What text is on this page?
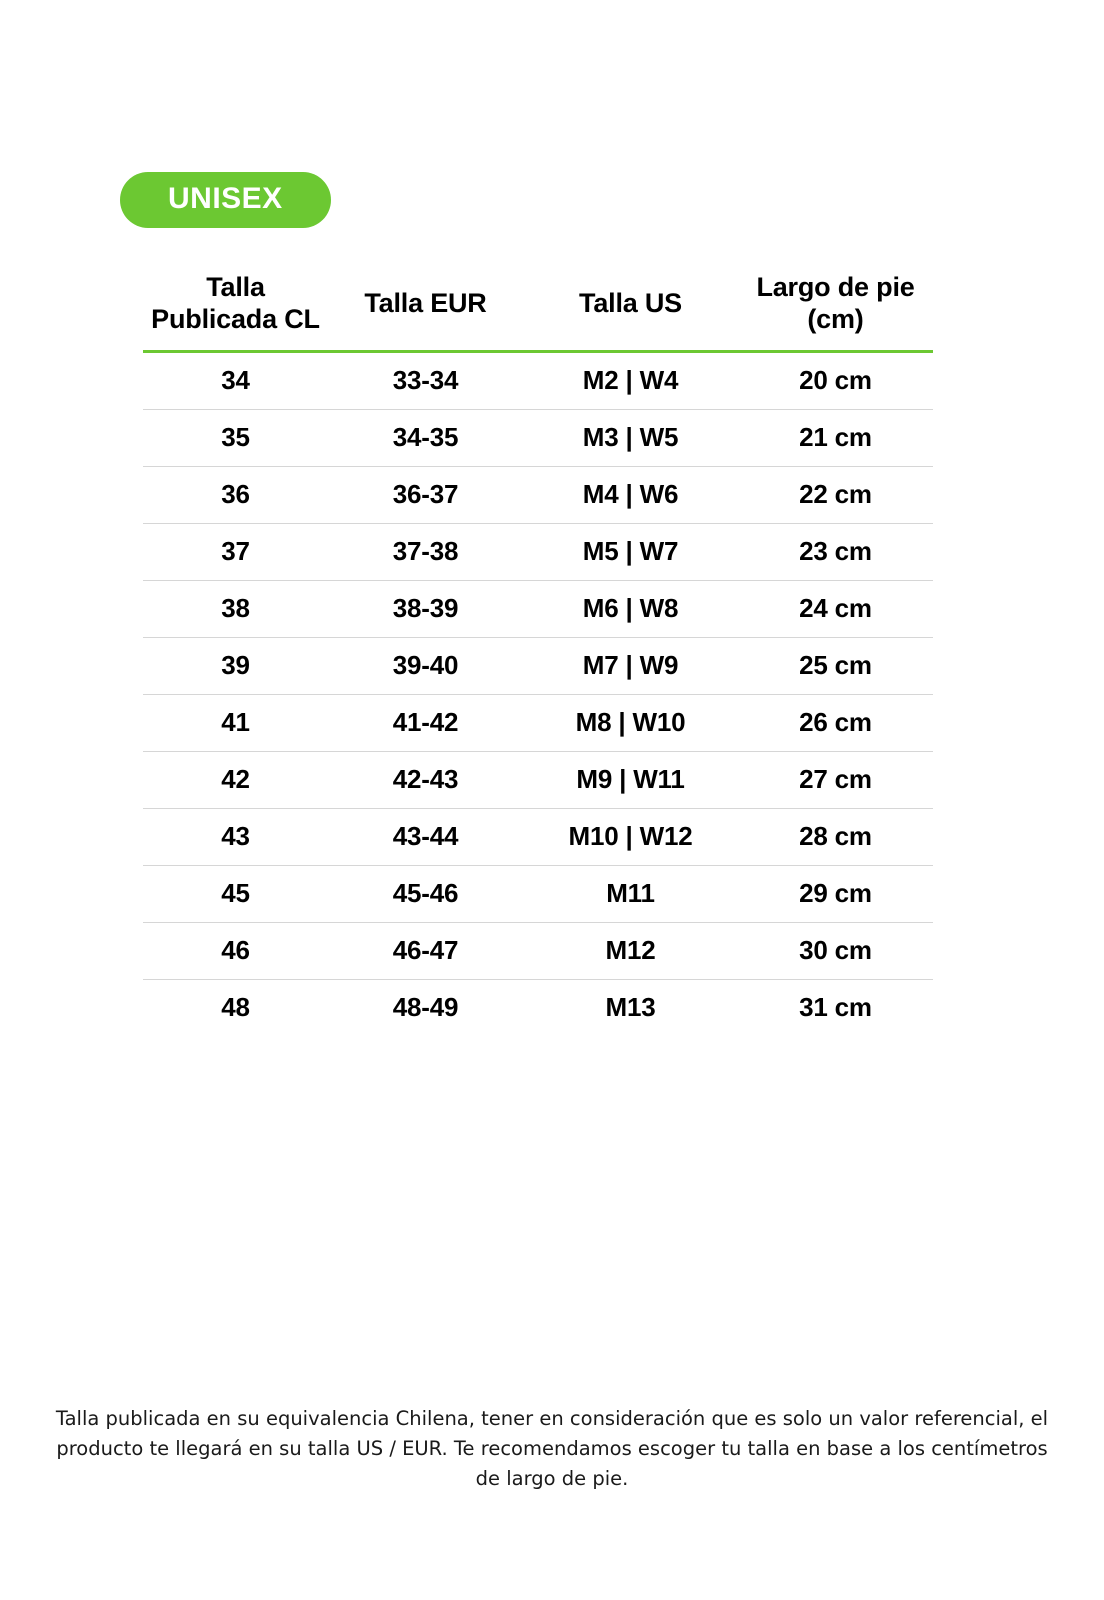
UNISEX
Talla Publicada CL	Talla EUR	Talla US	Largo de pie (cm)
34	33-34	M2 | W4	20 cm
35	34-35	M3 | W5	21 cm
36	36-37	M4 | W6	22 cm
37	37-38	M5 | W7	23 cm
38	38-39	M6 | W8	24 cm
39	39-40	M7 | W9	25 cm
41	41-42	M8 | W10	26 cm
42	42-43	M9 | W11	27 cm
43	43-44	M10 | W12	28 cm
45	45-46	M11	29 cm
46	46-47	M12	30 cm
48	48-49	M13	31 cm
Talla publicada en su equivalencia Chilena, tener en consideración que es solo un valor referencial, el producto te llegará en su talla US / EUR. Te recomendamos escoger tu talla en base a los centímetros de largo de pie.
